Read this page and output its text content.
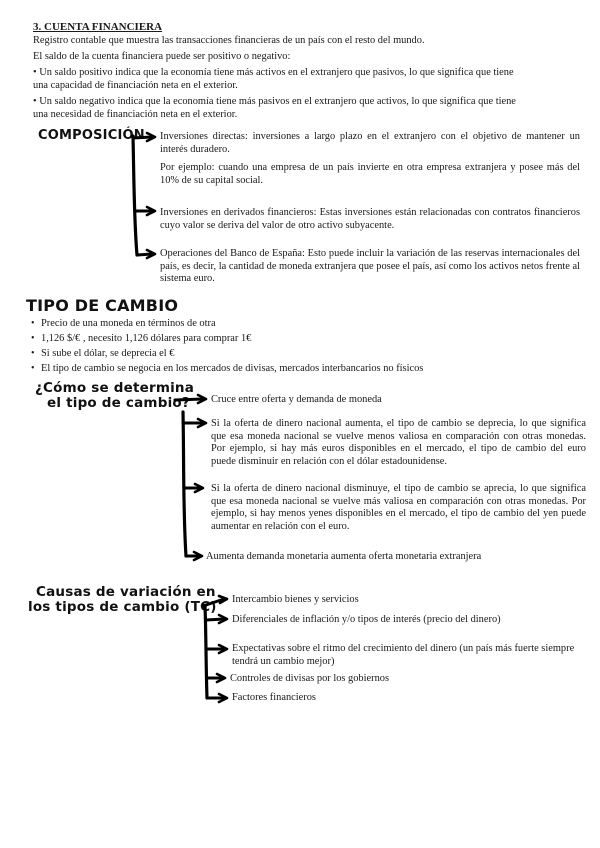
3. CUENTA FINANCIERA
Registro contable que muestra las transacciones financieras de un país con el resto del mundo.
El saldo de la cuenta financiera puede ser positivo o negativo:
• Un saldo positivo indica que la economía tiene más activos en el extranjero que pasivos, lo que significa que tiene
una capacidad de financiación neta en el exterior.
• Un saldo negativo indica que la economía tiene más pasivos en el extranjero que activos, lo que significa que tiene
una necesidad de financiación neta en el exterior.
COMPOSICIÓN Inversiones directas: inversiones a largo plazo en el extranjero con el objetivo de mantener un interés duradero.
Por ejemplo: cuando una empresa de un país invierte en otra empresa extranjera y posee más del 10% de su capital social.
Inversiones en derivados financieros: Estas inversiones están relacionadas con contratos financieros cuyo valor se deriva del valor de otro activo subyacente.
Operaciones del Banco de España: Esto puede incluir la variación de las reservas internacionales del país, es decir, la cantidad de moneda extranjera que posee el país, así como los activos netos frente al sistema euro.
TIPO DE CAMBIO
• Precio de una moneda en términos de otra
• 1,126 $/€ , necesito 1,126 dólares para comprar 1€
• Si sube el dólar, se deprecia el €
• El tipo de cambio se negocia en los mercados de divisas, mercados interbancarios no físicos
¿Cómo se determina
el tipo de cambio? Cruce entre oferta y demanda de moneda
Si la oferta de dinero nacional aumenta, el tipo de cambio se deprecia, lo que significa que esa moneda nacional se vuelve menos valiosa en comparación con otras monedas. Por ejemplo, si hay más euros disponibles en el mercado, el tipo de cambio del euro puede disminuir en relación con el dólar estadounidense.
Si la oferta de dinero nacional disminuye, el tipo de cambio se aprecia, lo que significa que esa moneda nacional se vuelve más valiosa en comparación con otras monedas. Por ejemplo, si hay menos yenes disponibles en el mercado, el tipo de cambio del yen puede aumentar en relación con el euro.
Aumenta demanda monetaria aumenta oferta monetaria extranjera
Causas de variación en
los tipos de cambio (TC) Intercambio bienes y servicios
Diferenciales de inflación y/o tipos de interés (precio del dinero)
Expectativas sobre el ritmo del crecimiento del dinero (un país más fuerte siempre tendrá un cambio mejor)
Controles de divisas por los gobiernos
Factores financieros
